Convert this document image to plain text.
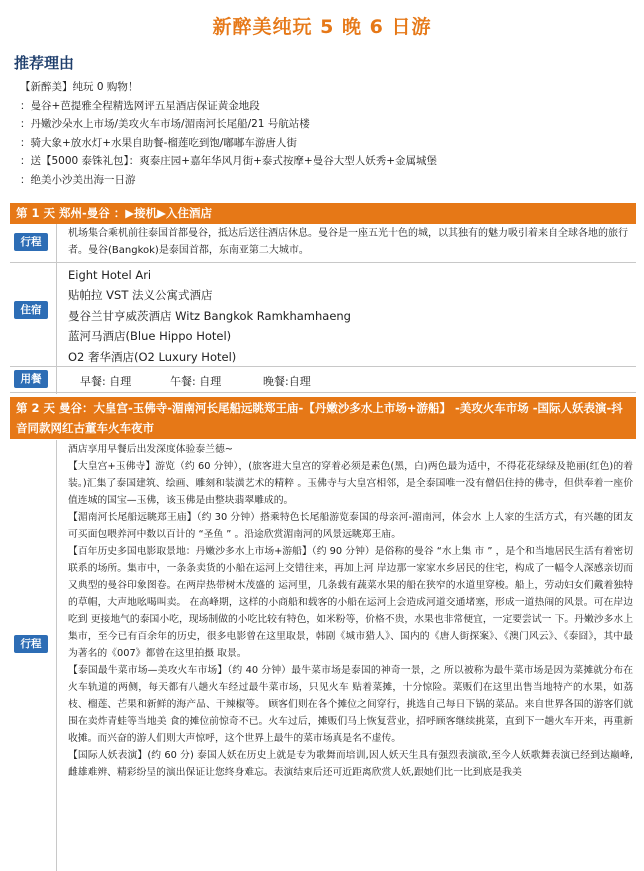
新醉美纯玩 5 晚 6 日游
推荐理由
【新醉美】纯玩 0 购物！
：曼谷+芭提雅全程精选网评五星酒店保证黄金地段
：丹嫩沙朵水上市场/美攻火车市场/湄南河长尾船/21 号航站楼
：骑大象+放水灯+水果自助餐-榴莲吃到饱/嘟嘟车游唐人街
：送【5000 泰铢礼包】：爽泰庄园+嘉年华风月街+泰式按摩+曼谷大型人妖秀+金属城堡
：绝美小沙美出海一日游
第 1 天 郑州-曼谷 ：▶接机▶入住酒店
行程
机场集合乘机前往泰国首都曼谷，抵达后送往酒店休息。曼谷是一座五光十色的城，以其独有的魅力吸引着来自全球各地的旅行者。曼谷(Bangkok)是泰国首都，东南亚第二大城市。
住宿
Eight Hotel Ari
贴帕拉 VST 法义公寓式酒店
曼谷兰甘亨威茨酒店 Witz Bangkok Ramkhamhaeng
蓝河马酒店(Blue Hippo Hotel)
O2 奢华酒店(O2 Luxury Hotel)
用餐	早餐: 自理	午餐: 自理	晚餐:自理
第 2 天 曼谷：大皇宫-玉佛寺-湄南河长尾船远眺郑王庙-【丹嫩沙多水上市场+游船】 -美攻火车市场 -国际人妖表演-抖音同款网红古董车火车夜市
行程

酒店享用早餐后出发深度体验泰兰德~

【大皇宫+玉佛寺】游览（约 60 分钟），(旅客进大皇宫的穿着必须是素色(黑，白)两色最为适中，不得花花绿绿及艳丽(红色)的着装。)汇集了泰国建筑、绘画、雕刻和装潢艺术的精粹 。玉佛寺与大皇宫相邻，是全泰国唯一没有僧侣住持的佛寺，但供奉着一座价值连城的国宝—玉佛，该玉佛是由整块翡翠雕成的。

【湄南河长尾船远眺郑王庙】（约 30 分钟）搭乘特色长尾船游览泰国的母亲河-湄南河，体会水 上人家的生活方式，有兴趣的团友可买面包喂养河中数以百计的 “圣鱼 ” 。沿途欣赏湄南河的风景远眺郑王庙。

【百年历史多国电影取景地：丹嫩沙多水上市场+游船】（约 90 分钟）是俗称的曼谷 “水上集 市 ” ，是个和当地居民生活有着密切联系的场所。集市中，一条条卖货的小船在运河上交错往来，再加上河 岸边那一家家水乡居民的住宅，构成了一幅令人深感亲切而又典型的曼谷印象图卷。在两岸热带树木茂盛的 运河里，几条载有蔬菜水果的船在狭窄的水道里穿梭。船上，劳动妇女们戴着独特的草帽，大声地吆喝叫卖。 在高峰期，这样的小商船和载客的小船在运河上会造成河道交通堵塞，形成一道热闹的风景。可在岸边吃到 更接地气的泰国小吃，现场制做的小吃比较有特色，如米粉等，价格不贵，水果也非常便宜，一定要尝试一 下。丹嫩沙多水上集市，至今已有百余年的历史，很多电影曾在这里取景，韩剧《城市猎人》、国内的《唐人街探案》、《澳门风云》、《泰囧》，其中最为著名的《007》都曾在这里拍摄 取景。

【泰国最牛菜市场—美攻火车市场】（约 40 分钟）最牛菜市场是泰国的神奇一景，之 所以被称为最牛菜市场是因为菜摊就分布在火车轨道的两侧，每天都有八趟火车经过最牛菜市场，只见火车 贴着菜摊，十分惊险。菜贩们在这里出售当地特产的水果，如荔枝、榴莲、芒果和新鲜的海产品、干辣椒等。 顾客们则在各个摊位之间穿行，挑选自己每日下锅的菜品。来自世界各国的游客们就围在卖炸青蛙等当地美 食的摊位前惊奇不已。火车过后，摊贩们马上恢复营业，招呼顾客继续挑菜，直到下一趟火车开来，再重新 收摊。而兴奋的游人们则大声惊呼，这个世界上最牛的菜市场真是名不虚传。

【国际人妖表演】(约 60 分) 泰国人妖在历史上就是专为歌舞而培训,因人妖天生具有强烈表演欲,至今人妖歌舞表演已经到达巅峰,雌雄难辨、精彩纷呈的演出保证让您终身难忘。表演结束后还可近距离欣赏人妖,跟她们比一比到底是我美
